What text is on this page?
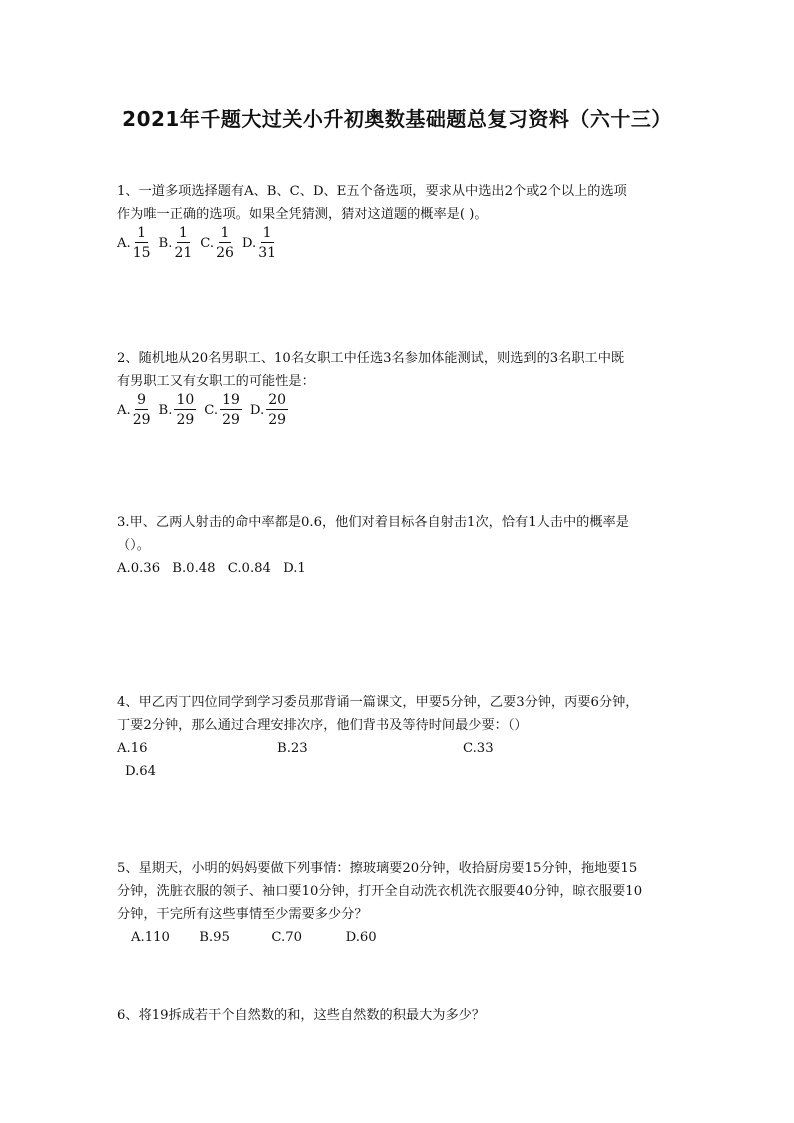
2021年千题大过关小升初奥数基础题总复习资料（六十三）
1、一道多项选择题有A、B、C、D、E五个备选项，要求从中选出2个或2个以上的选项
作为唯一正确的选项。如果全凭猜测，猜对这道题的概率是( )。
A. $\frac{1}{15} B$. $\frac{1}{21} C$. $\frac{1}{26} D$. $\frac{1}{31}$
2、随机地从20名男职工、10名女职工中任选3名参加体能测试，则选到的3名职工中既
有男职工又有女职工的可能性是：
A. $\frac{9}{29} B$. $\frac{10}{29} C$. $\frac{19}{29} D$. $\frac{20}{29}$
3.甲、乙两人射击的命中率都是0.6，他们对着目标各自射击1次，恰有1人击中的概率是
（）。
A.0.36 B.0.48 C.0.84 D.1
4、甲乙丙丁四位同学到学习委员那背诵一篇课文，甲要5分钟，乙要3分钟，丙要6分钟，
丁要2分钟，那么通过合理安排次序，他们背书及等待时间最少要：（）
A.16	B.23	C.33
D.64
5、星期天，小明的妈妈要做下列事情：擦玻璃要20分钟，收拾厨房要15分钟，拖地要15
分钟，洗脏衣服的领子、袖口要10分钟，打开全自动洗衣机洗衣服要40分钟，晾衣服要10
分钟，干完所有这些事情至少需要多少分？
A.110 B.95	C.70	D.60
6、将19拆成若干个自然数的和，这些自然数的积最大为多少？
